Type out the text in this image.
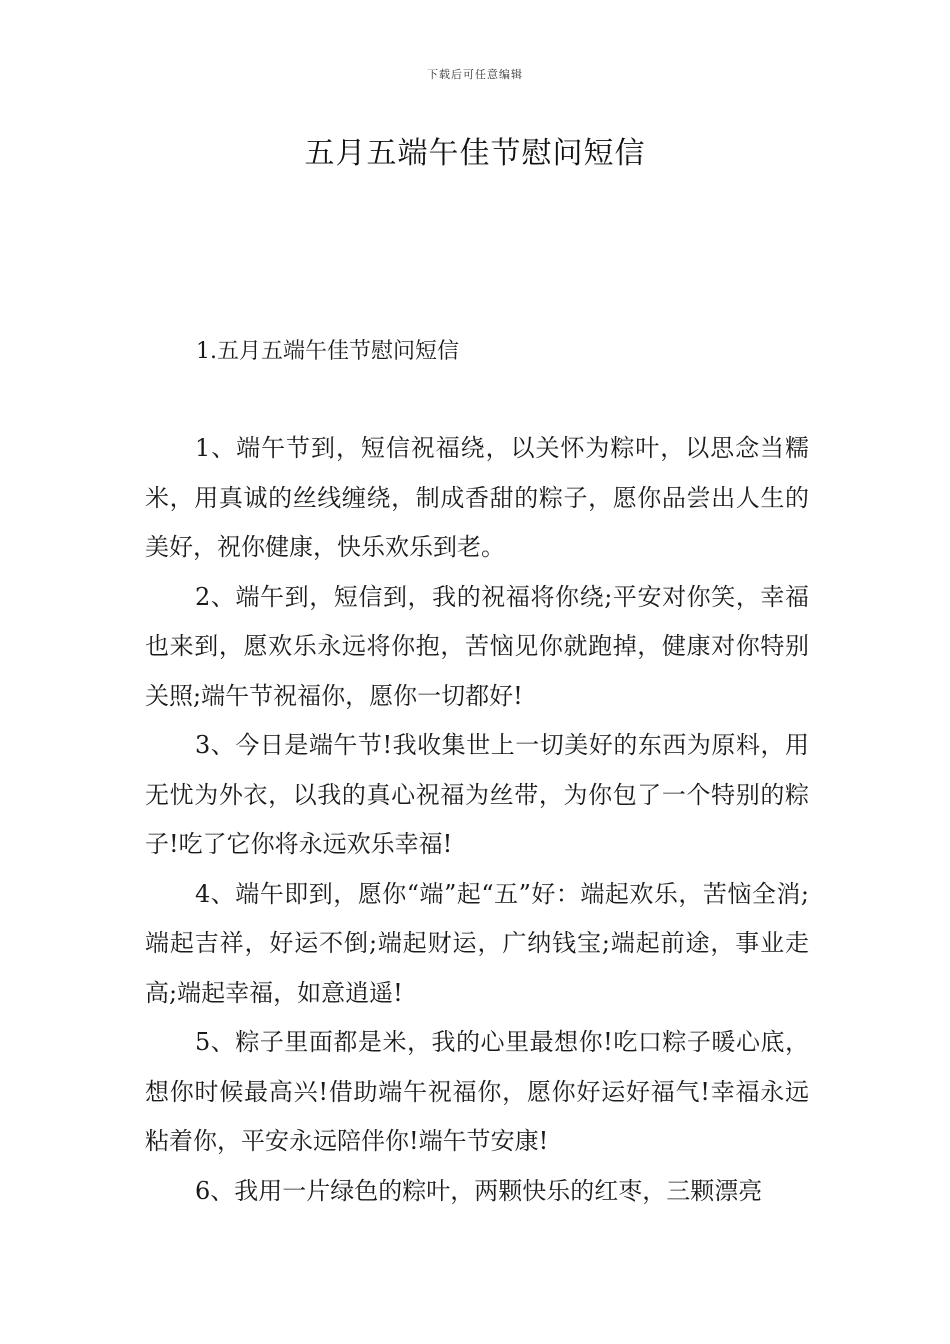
下载后可任意编辑
五月五端午佳节慰问短信
1.五月五端午佳节慰问短信

1、端午节到，短信祝福绕，以关怀为粽叶，以思念当糯米，用真诚的丝线缠绕，制成香甜的粽子，愿你品尝出人生的美好，祝你健康，快乐欢乐到老。

2、端午到，短信到，我的祝福将你绕;平安对你笑，幸福也来到，愿欢乐永远将你抱，苦恼见你就跑掉，健康对你特别关照;端午节祝福你，愿你一切都好!

3、今日是端午节!我收集世上一切美好的东西为原料，用无忧为外衣，以我的真心祝福为丝带，为你包了一个特别的粽子!吃了它你将永远欢乐幸福!

4、端午即到，愿你“端”起“五”好：端起欢乐，苦恼全消;端起吉祥，好运不倒;端起财运，广纳钱宝;端起前途，事业走高;端起幸福，如意逍遥!

5、粽子里面都是米，我的心里最想你!吃口粽子暖心底，想你时候最高兴!借助端午祝福你，愿你好运好福气!幸福永远粘着你，平安永远陪伴你!端午节安康!

6、我用一片绿色的粽叶，两颗快乐的红枣，三颗漂亮
